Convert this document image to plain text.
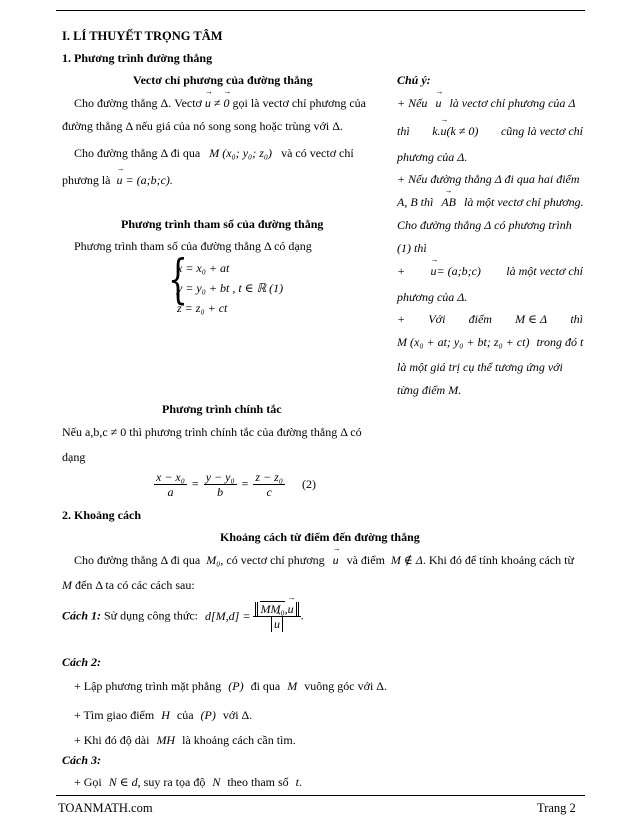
I. LÍ THUYẾT TRỌNG TÂM
1. Phương trình đường thẳng
Vectơ chỉ phương của đường thẳng
Cho đường thẳng Δ. Vectơ → u ≠ → 0 gọi là vectơ chỉ phương của
đường thẳng Δ nếu giá của nó song song hoặc trùng với Δ.
Cho đường thẳng Δ đi qua M (x₀; y₀; z₀) và có vectơ chỉ
phương là → u = (a;b;c).
Phương trình tham số của đường thẳng
Phương trình tham số của đường thẳng Δ có dạng
{
x = x₀ + at
y = y₀ + bt , t ∈ ℝ (1)
z = z₀ + ct
Phương trình chính tắc
Nếu a,b,c ≠ 0 thì phương trình chính tắc của đường thẳng Δ có
dạng
$\frac{\text{x − x₀}}{a} = \frac{\text{y − y₀}}{b} = \frac{\text{z − z₀}}{c} (2)$
Chú ý:
+ Nếu → u là vectơ chỉ phương của Δ
thì k.→ u(k ≠ 0) cũng là vectơ chỉ
phương của Δ.
+ Nếu đường thẳng Δ đi qua hai điểm
A, B thì → AB là một vectơ chỉ phương.
Cho đường thẳng Δ có phương trình
(1) thì
+ → u= (a;b;c) là một vectơ chỉ
phương của Δ.
+ Với điểm M ∈ Δ thì
M (x₀ + at; y₀ + bt; z₀ + ct) trong đó t
là một giá trị cụ thể tương ứng với
từng điểm M.
2. Khoảng cách
Khoảng cách từ điểm đến đường thẳng
Cho đường thẳng Δ đi qua M₀, có vectơ chỉ phương → u và điểm M ∉ Δ. Khi đó để tính khoảng cách từ
M đến Δ ta có các cách sau:
Cách 1: Sử dụng công thức: d[M,d] = MM₀,→ u
→ u .
Cách 2:
+ Lập phương trình mặt phẳng (P) đi qua M vuông góc với Δ.
+ Tìm giao điểm H của (P) với Δ.
+ Khi đó độ dài MH là khoảng cách cần tìm.
Cách 3:
+ Gọi N ∈ d, suy ra tọa độ N theo tham số t.
TOANMATH.com	Trang 2
